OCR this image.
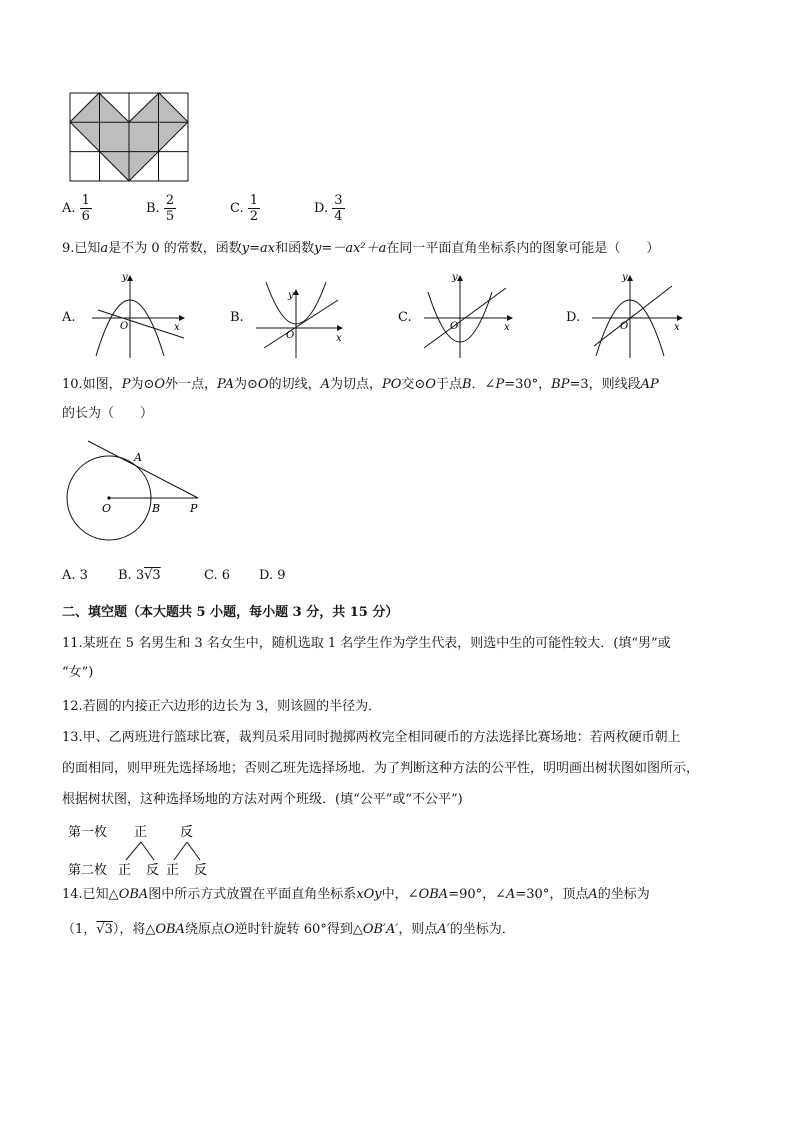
A. $\frac{1}{6}$	B. $\frac{2}{5}$	C. $\frac{1}{2}$	D. $\frac{3}{4}$
9.已知a是不为 0 的常数，函数y=ax和函数y=－ax²＋a在同一平面直角坐标系内的图象可能是（　　）
A.
y
O	x
B.
y
O	x
C.
y
O	x
D.
y
O	x
10.如图，P为⊙O外一点，PA为⊙O的切线，A为切点，PO交⊙O于点B．∠P=30°，BP=3，则线段AP
的长为（　　）
A
O	B	P
A. 3 B. 3√3	C. 6 D. 9
二、填空题（本大题共 5 小题，每小题 3 分，共 15 分）
11.某班在 5 名男生和 3 名女生中，随机选取 1 名学生作为学生代表，则选中生的可能性较大．(填“男”或
“女”)
12.若圆的内接正六边形的边长为 3，则该圆的半径为．
13.甲、乙两班进行篮球比赛，裁判员采用同时抛掷两枚完全相同硬币的方法选择比赛场地：若两枚硬币朝上
的面相同，则甲班先选择场地；否则乙班先选择场地．为了判断这种方法的公平性，明明画出树状图如图所示，
根据树状图，这种选择场地的方法对两个班级．(填“公平”或“不公平”)
第一枚 正	反
第二枚 正 反 正 反
14.已知△OBA图中所示方式放置在平面直角坐标系xOy中，∠OBA=90°，∠A=30°，顶点A的坐标为
（1，√3），将△OBA绕原点O逆时针旋转 60°得到△OB′A′，则点A′的坐标为．
